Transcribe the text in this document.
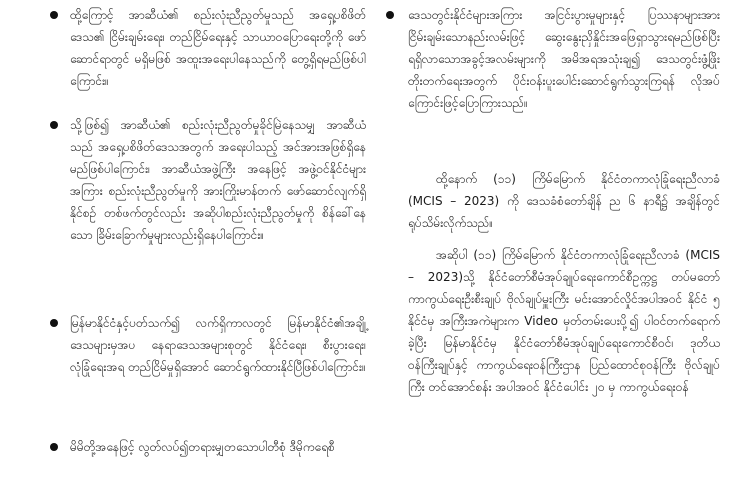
ထို့ကြောင့် အာဆီယံ၏ စည်းလုံးညီညွတ်မှုသည် အရှေ့ပစိဖိတ်ဒေသ၏ ငြိမ်းချမ်းရေး၊ တည်ငြိမ်ရေးနှင့် သာယာဝပြောရေးတို့ကို ဖော်ဆောင်ရာတွင် မရှိမဖြစ် အထူးအရေးပါနေသည်ကို တွေ့ရှိရမည်ဖြစ်ပါကြောင်း။
သို့ဖြစ်၍ အာဆီယံ၏ စည်းလုံးညီညွတ်မှုခိုင်မြဲနေသမျှ အာဆီယံသည် အရှေ့ပစိဖိတ်ဒေသအတွက် အရေးပါသည့် အင်အားအဖြစ်ရှိနေမည်ဖြစ်ပါကြောင်း၊ အာဆီယံအဖွဲ့ကြီး အနေဖြင့် အဖွဲ့ဝင်နိုင်ငံများအကြား စည်းလုံးညီညွတ်မှုကို အားကြိုးမာန်တက် ဖော်ဆောင်လျက်ရှိနိုင်စဉ် တစ်ဖက်တွင်လည်း အဆိုပါစည်းလုံးညီညွတ်မှုကို စိန်ခေါ်နေသော ခြိမ်းခြောက်မှုများလည်းရှိနေပါကြောင်း။
မြန်မာနိုင်ငံနှင့်ပတ်သက်၍ လက်ရှိကာလတွင် မြန်မာနိုင်ငံ၏အချို့ဒေသများမှအပ နေရာဒေသအများစုတွင် နိုင်ငံရေး၊ စီးပွားရေး၊ လုံခြုံရေးအရ တည်ငြိမ်မှုရှိအောင် ဆောင်ရွက်ထားနိုင်ပြီဖြစ်ပါကြောင်း။
မိမိတို့အနေဖြင့် လွတ်လပ်၍တရားမျှတသောပါတီစုံ ဒီမိုကရေစီ
ဒေသတွင်းနိုင်ငံများအကြား အငြင်းပွားမှုများနှင့် ပြဿနာများအား ငြိမ်းချမ်းသောနည်းလမ်းဖြင့် ဆွေးနွေးညှိနှိုင်းအဖြေရှာသွားရမည်ဖြစ်ပြီး ရရှိလာသောအခွင့်အလမ်းများကို အမိအရအသုံးချ၍ ဒေသတွင်းဖွံ့ဖြိုးတိုးတက်ရေးအတွက် ပိုင်းဝန်းပူးပေါင်းဆောင်ရွက်သွားကြရန် လိုအပ်ကြောင်းဖြင့်ပြောကြားသည်။
ထို့နောက် (၁၁) ကြိမ်မြောက် နိုင်ငံတကာလုံခြုံရေးညီလာခံ (MCIS – 2023) ကို ဒေသခံစံတော်ချိန် ည ၆ နာရီ၌ အချိန်တွင် ရုပ်သိမ်းလိုက်သည်။
အဆိုပါ (၁၁) ကြိမ်မြောက် နိုင်ငံတကာလုံခြုံရေးညီလာခံ (MCIS – 2023)သို့ နိုင်ငံတော်စီမံအုပ်ချုပ်ရေးကောင်စီဥက္ကဋ္ဌ တပ်မတော်ကာကွယ်ရေးဦးစီးချုပ် ဗိုလ်ချုပ်မှူးကြီး မင်းအောင်လှိုင်အပါအဝင် နိုင်ငံ ၅ နိုင်ငံမှ အကြီးအကဲများက Video မှတ်တမ်းပေးပို့၍ ပါဝင်တက်ရောက်ခဲ့ပြီး မြန်မာနိုင်ငံမှ နိုင်ငံတော်စီမံအုပ်ချုပ်ရေးကောင်စီဝင်၊ ဒုတိယဝန်ကြီးချုပ်နှင့် ကာကွယ်ရေးဝန်ကြီးဌာန ပြည်ထောင်စုဝန်ကြီး ဗိုလ်ချုပ်ကြီး တင်အောင်စန်း အပါအဝင် နိုင်ငံပေါင်း ၂၀ မှ ကာကွယ်ရေးဝန်
